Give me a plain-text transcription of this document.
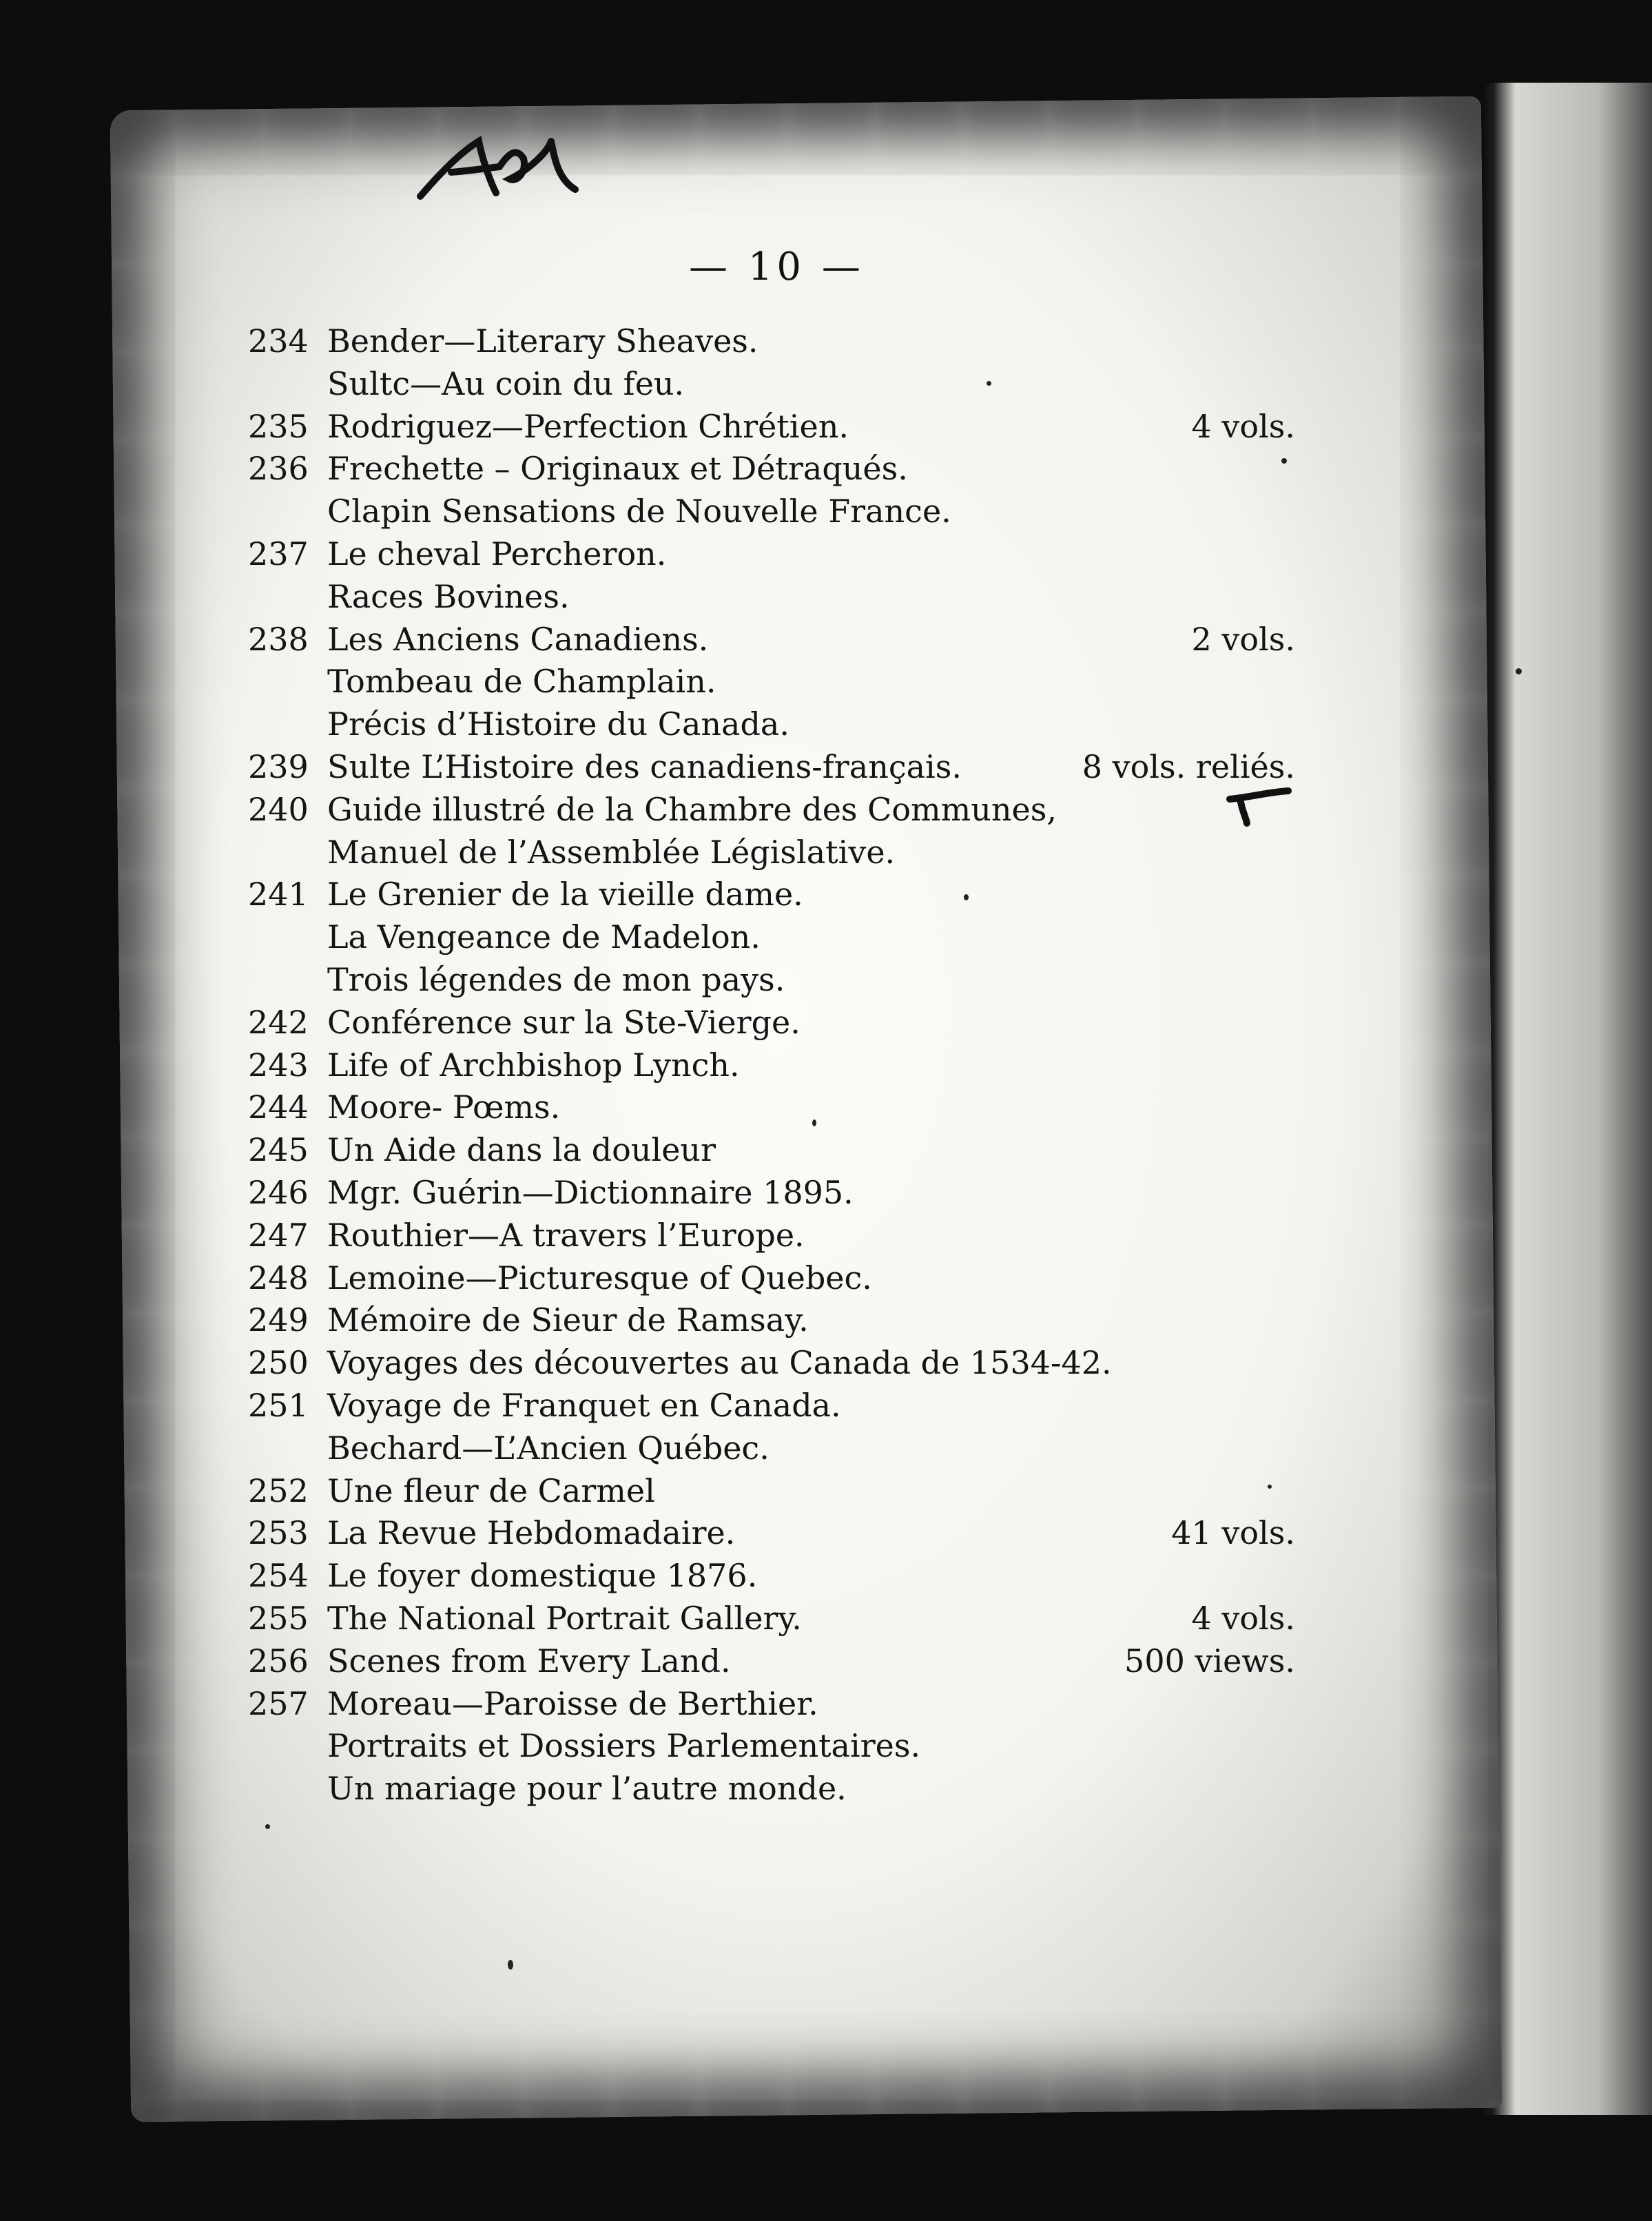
— 10 —
234 Bender—Literary Sheaves.
Sultc—Au coin du feu.
235 Rodriguez—Perfection Chrétien.	4 vols.
236 Frechette – Originaux et Détraqués.
Clapin Sensations de Nouvelle France.
237 Le cheval Percheron.
Races Bovines.
238 Les Anciens Canadiens.	2 vols.
Tombeau de Champlain.
Précis d’Histoire du Canada.
239 Sulte L’Histoire des canadiens-français.	8 vols. reliés.
240 Guide illustré de la Chambre des Communes,
Manuel de l’Assemblée Législative.
241 Le Grenier de la vieille dame.
La Vengeance de Madelon.
Trois légendes de mon pays.
242 Conférence sur la Ste-Vierge.
243 Life of Archbishop Lynch.
244 Moore- Pœms.
245 Un Aide dans la douleur
246 Mgr. Guérin—Dictionnaire 1895.
247 Routhier—A travers l’Europe.
248 Lemoine—Picturesque of Quebec.
249 Mémoire de Sieur de Ramsay.
250 Voyages des découvertes au Canada de 1534-42.
251 Voyage de Franquet en Canada.
Bechard—L’Ancien Québec.
252 Une fleur de Carmel
253 La Revue Hebdomadaire.	41 vols.
254 Le foyer domestique 1876.
255 The National Portrait Gallery.	4 vols.
256 Scenes from Every Land.	500 views.
257 Moreau—Paroisse de Berthier.
Portraits et Dossiers Parlementaires.
Un mariage pour l’autre monde.
